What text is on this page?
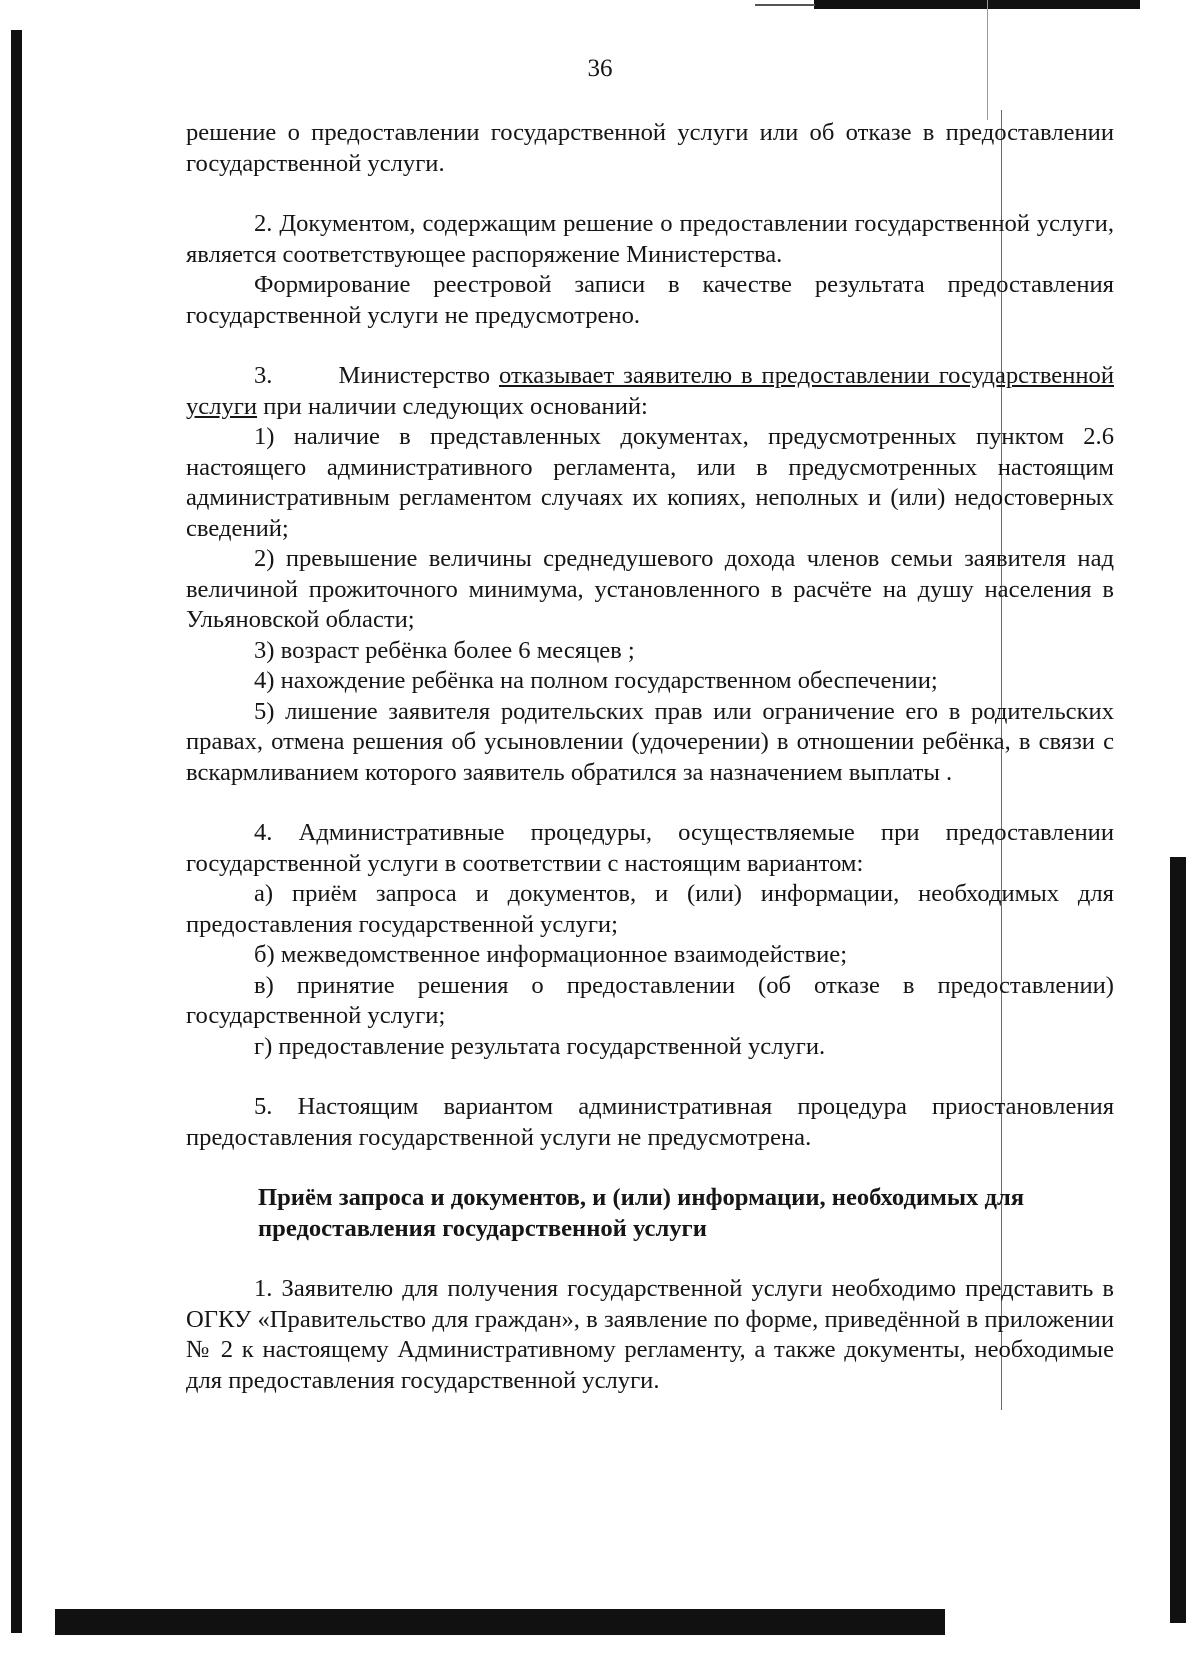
36

решение о предоставлении государственной услуги или об отказе в предоставлении государственной услуги.

2. Документом, содержащим решение о предоставлении государственной услуги, является соответствующее распоряжение Министерства.

Формирование реестровой записи в качестве результата предоставления государственной услуги не предусмотрено.

3.	Министерство отказывает заявителю в предоставлении государственной услуги при наличии следующих оснований:

1) наличие в представленных документах, предусмотренных пунктом 2.6 настоящего административного регламента, или в предусмотренных настоящим административным регламентом случаях их копиях, неполных и (или) недостоверных сведений;

2) превышение величины среднедушевого дохода членов семьи заявителя над величиной прожиточного минимума, установленного в расчёте на душу населения в Ульяновской области;

3) возраст ребёнка более 6 месяцев ;

4) нахождение ребёнка на полном государственном обеспечении;

5) лишение заявителя родительских прав или ограничение его в родительских правах, отмена решения об усыновлении (удочерении) в отношении ребёнка, в связи с вскармливанием которого заявитель обратился за назначением выплаты .

4. Административные процедуры, осуществляемые при предоставлении государственной услуги в соответствии с настоящим вариантом:

а) приём запроса и документов, и (или) информации, необходимых для предоставления государственной услуги;

б) межведомственное информационное взаимодействие;

в) принятие решения о предоставлении (об отказе в предоставлении) государственной услуги;

г) предоставление результата государственной услуги.

5. Настоящим вариантом административная процедура приостановления предоставления государственной услуги не предусмотрена.

Приём запроса и документов, и (или) информации, необходимых для

предоставления государственной услуги

1. Заявителю для получения государственной услуги необходимо представить в ОГКУ «Правительство для граждан», в заявление по форме, приведённой в приложении № 2 к настоящему Административному регламенту, а также документы, необходимые для предоставления государственной услуги.
